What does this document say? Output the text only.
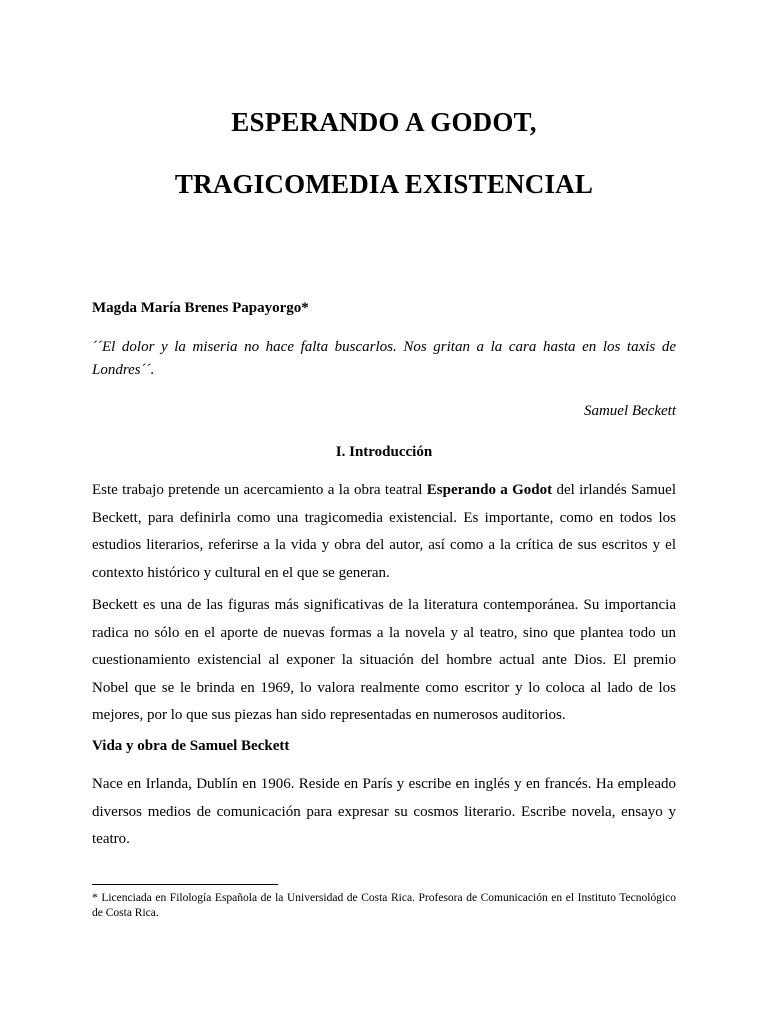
ESPERANDO A GODOT,
TRAGICOMEDIA EXISTENCIAL
Magda María Brenes Papayorgo*
´´El dolor y la miseria no hace falta buscarlos. Nos gritan a la cara hasta en los taxis de Londres´´.
Samuel Beckett
I. Introducción

Este trabajo pretende un acercamiento a la obra teatral Esperando a Godot del irlandés Samuel Beckett, para definirla como una tragicomedia existencial. Es importante, como en todos los estudios literarios, referirse a la vida y obra del autor, así como a la crítica de sus escritos y el contexto histórico y cultural en el que se generan.

Beckett es una de las figuras más significativas de la literatura contemporánea. Su importancia radica no sólo en el aporte de nuevas formas a la novela y al teatro, sino que plantea todo un cuestionamiento existencial al exponer la situación del hombre actual ante Dios. El premio Nobel que se le brinda en 1969, lo valora realmente como escritor y lo coloca al lado de los mejores, por lo que sus piezas han sido representadas en numerosos auditorios.

Vida y obra de Samuel Beckett

Nace en Irlanda, Dublín en 1906. Reside en París y escribe en inglés y en francés. Ha empleado diversos medios de comunicación para expresar su cosmos literario. Escribe novela, ensayo y teatro.

* Licenciada en Filología Española de la Universidad de Costa Rica. Profesora de Comunicación en el Instituto Tecnológico de Costa Rica.
